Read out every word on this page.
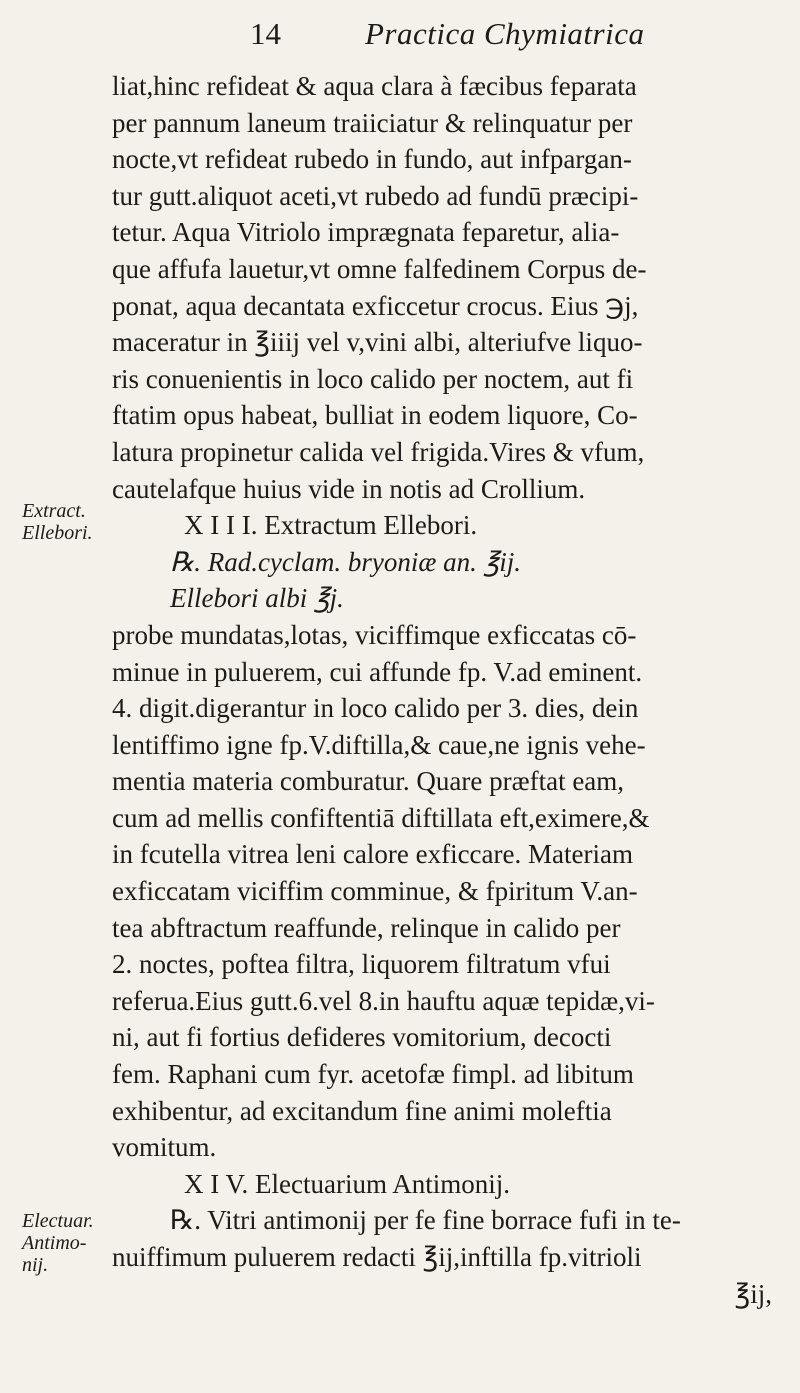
14	Practica Chymiatrica
Extract.
Ellebori.
Electuar.
Antimo-
nij.
liat,hinc refideat & aqua clara à fæcibus feparata
per pannum laneum traiiciatur & relinquatur per
nocte,vt refideat rubedo in fundo, aut infpargan-
tur gutt.aliquot aceti,vt rubedo ad fundū præcipi-
tetur. Aqua Vitriolo imprægnata feparetur, alia-
que affufa lauetur,vt omne falfedinem Corpus de-
ponat, aqua decantata exficcetur crocus. Eius ℈j,
maceratur in ℥iiij vel v,vini albi, alteriufve liquo-
ris conuenientis in loco calido per noctem, aut fi
ftatim opus habeat, bulliat in eodem liquore, Co-
latura propinetur calida vel frigida.Vires & vfum,
cautelafque huius vide in notis ad Crollium.
X I I I. Extractum Ellebori.
℞. Rad.cyclam. bryoniæ an. ℥ij.
Ellebori albi ℥j.
probe mundatas,lotas, viciffimque exficcatas cō-
minue in puluerem, cui affunde fp. V.ad eminent.
4. digit.digerantur in loco calido per 3. dies, dein
lentiffimo igne fp.V.diftilla,& caue,ne ignis vehe-
mentia materia comburatur. Quare præftat eam,
cum ad mellis confiftentiā diftillata eft,eximere,&
in fcutella vitrea leni calore exficcare. Materiam
exficcatam viciffim comminue, & fpiritum V.an-
tea abftractum reaffunde, relinque in calido per
2. noctes, poftea filtra, liquorem filtratum vfui
referua.Eius gutt.6.vel 8.in hauftu aquæ tepidæ,vi-
ni, aut fi fortius defideres vomitorium, decocti
fem. Raphani cum fyr. acetofæ fimpl. ad libitum
exhibentur, ad excitandum fine animi moleftia
vomitum.
X I V. Electuarium Antimonij.
℞. Vitri antimonij per fe fine borrace fufi in te-
nuiffimum puluerem redacti ℥ij,inftilla fp.vitrioli
℥ij,
